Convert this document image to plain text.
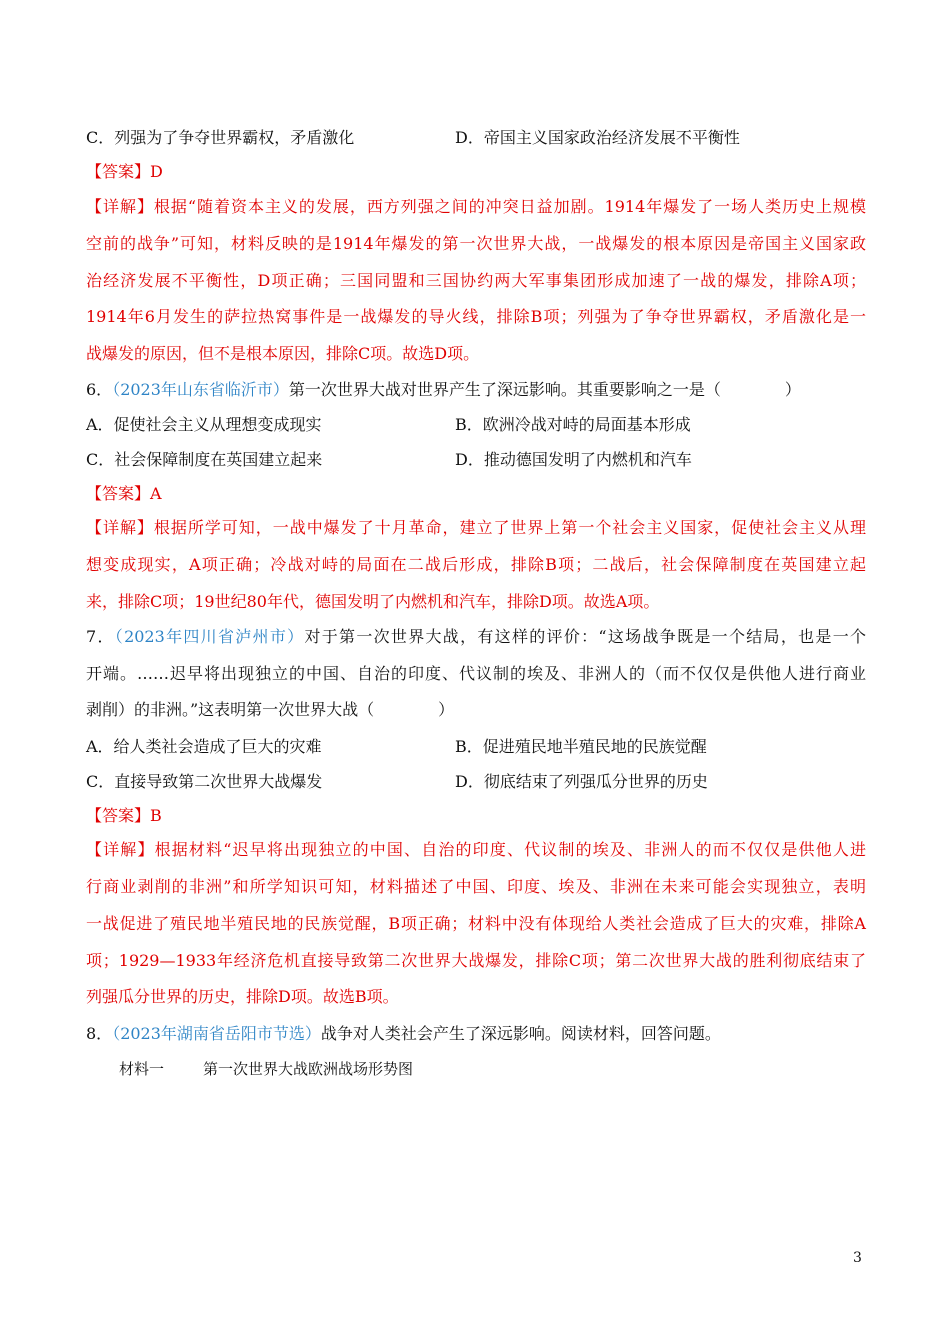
C．列强为了争夺世界霸权，矛盾激化	D．帝国主义国家政治经济发展不平衡性
【答案】D
【详解】根据“随着资本主义的发展，西方列强之间的冲突日益加剧。1914年爆发了一场人类历史上规模
空前的战争”可知，材料反映的是1914年爆发的第一次世界大战，一战爆发的根本原因是帝国主义国家政
治经济发展不平衡性，D项正确；三国同盟和三国协约两大军事集团形成加速了一战的爆发，排除A项；
1914年6月发生的萨拉热窝事件是一战爆发的导火线，排除B项；列强为了争夺世界霸权，矛盾激化是一
战爆发的原因，但不是根本原因，排除C项。故选D项。
6．（2023年山东省临沂市）第一次世界大战对世界产生了深远影响。其重要影响之一是（　　　　）
A．促使社会主义从理想变成现实	B．欧洲冷战对峙的局面基本形成
C．社会保障制度在英国建立起来	D．推动德国发明了内燃机和汽车
【答案】A
【详解】根据所学可知，一战中爆发了十月革命，建立了世界上第一个社会主义国家，促使社会主义从理
想变成现实，A项正确；冷战对峙的局面在二战后形成，排除B项；二战后，社会保障制度在英国建立起
来，排除C项；19世纪80年代，德国发明了内燃机和汽车，排除D项。故选A项。
7．（2023年四川省泸州市）对于第一次世界大战，有这样的评价：“这场战争既是一个结局，也是一个
开端。……迟早将出现独立的中国、自治的印度、代议制的埃及、非洲人的（而不仅仅是供他人进行商业
剥削）的非洲。”这表明第一次世界大战（　　　　）
A．给人类社会造成了巨大的灾难	B．促进殖民地半殖民地的民族觉醒
C．直接导致第二次世界大战爆发	D．彻底结束了列强瓜分世界的历史
【答案】B
【详解】根据材料“迟早将出现独立的中国、自治的印度、代议制的埃及、非洲人的而不仅仅是供他人进
行商业剥削的非洲”和所学知识可知，材料描述了中国、印度、埃及、非洲在未来可能会实现独立，表明
一战促进了殖民地半殖民地的民族觉醒，B项正确；材料中没有体现给人类社会造成了巨大的灾难，排除A
项；1929—1933年经济危机直接导致第二次世界大战爆发，排除C项；第二次世界大战的胜利彻底结束了
列强瓜分世界的历史，排除D项。故选B项。
8．（2023年湖南省岳阳市节选）战争对人类社会产生了深远影响。阅读材料，回答问题。
材料一	第一次世界大战欧洲战场形势图
3
